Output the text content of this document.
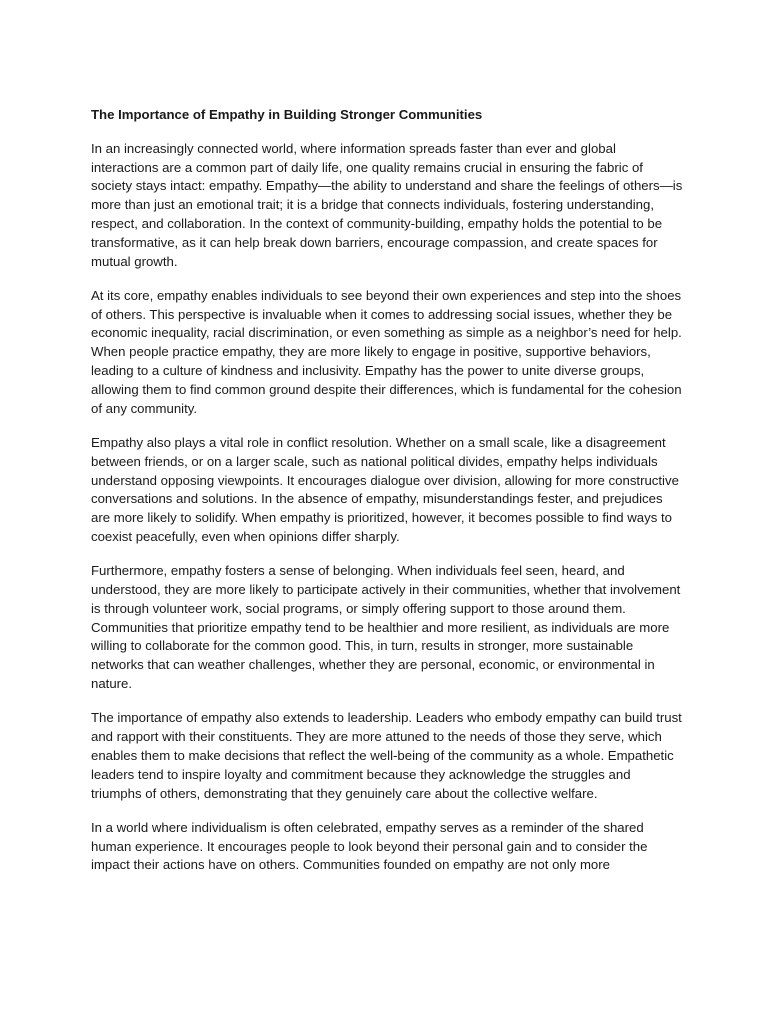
The Importance of Empathy in Building Stronger Communities

In an increasingly connected world, where information spreads faster than ever and global interactions are a common part of daily life, one quality remains crucial in ensuring the fabric of society stays intact: empathy. Empathy—the ability to understand and share the feelings of others—is more than just an emotional trait; it is a bridge that connects individuals, fostering understanding, respect, and collaboration. In the context of community-building, empathy holds the potential to be transformative, as it can help break down barriers, encourage compassion, and create spaces for mutual growth.

At its core, empathy enables individuals to see beyond their own experiences and step into the shoes of others. This perspective is invaluable when it comes to addressing social issues, whether they be economic inequality, racial discrimination, or even something as simple as a neighbor’s need for help. When people practice empathy, they are more likely to engage in positive, supportive behaviors, leading to a culture of kindness and inclusivity. Empathy has the power to unite diverse groups, allowing them to find common ground despite their differences, which is fundamental for the cohesion of any community.

Empathy also plays a vital role in conflict resolution. Whether on a small scale, like a disagreement between friends, or on a larger scale, such as national political divides, empathy helps individuals understand opposing viewpoints. It encourages dialogue over division, allowing for more constructive conversations and solutions. In the absence of empathy, misunderstandings fester, and prejudices are more likely to solidify. When empathy is prioritized, however, it becomes possible to find ways to coexist peacefully, even when opinions differ sharply.

Furthermore, empathy fosters a sense of belonging. When individuals feel seen, heard, and understood, they are more likely to participate actively in their communities, whether that involvement is through volunteer work, social programs, or simply offering support to those around them. Communities that prioritize empathy tend to be healthier and more resilient, as individuals are more willing to collaborate for the common good. This, in turn, results in stronger, more sustainable networks that can weather challenges, whether they are personal, economic, or environmental in nature.

The importance of empathy also extends to leadership. Leaders who embody empathy can build trust and rapport with their constituents. They are more attuned to the needs of those they serve, which enables them to make decisions that reflect the well-being of the community as a whole. Empathetic leaders tend to inspire loyalty and commitment because they acknowledge the struggles and triumphs of others, demonstrating that they genuinely care about the collective welfare.

In a world where individualism is often celebrated, empathy serves as a reminder of the shared human experience. It encourages people to look beyond their personal gain and to consider the impact their actions have on others. Communities founded on empathy are not only more
